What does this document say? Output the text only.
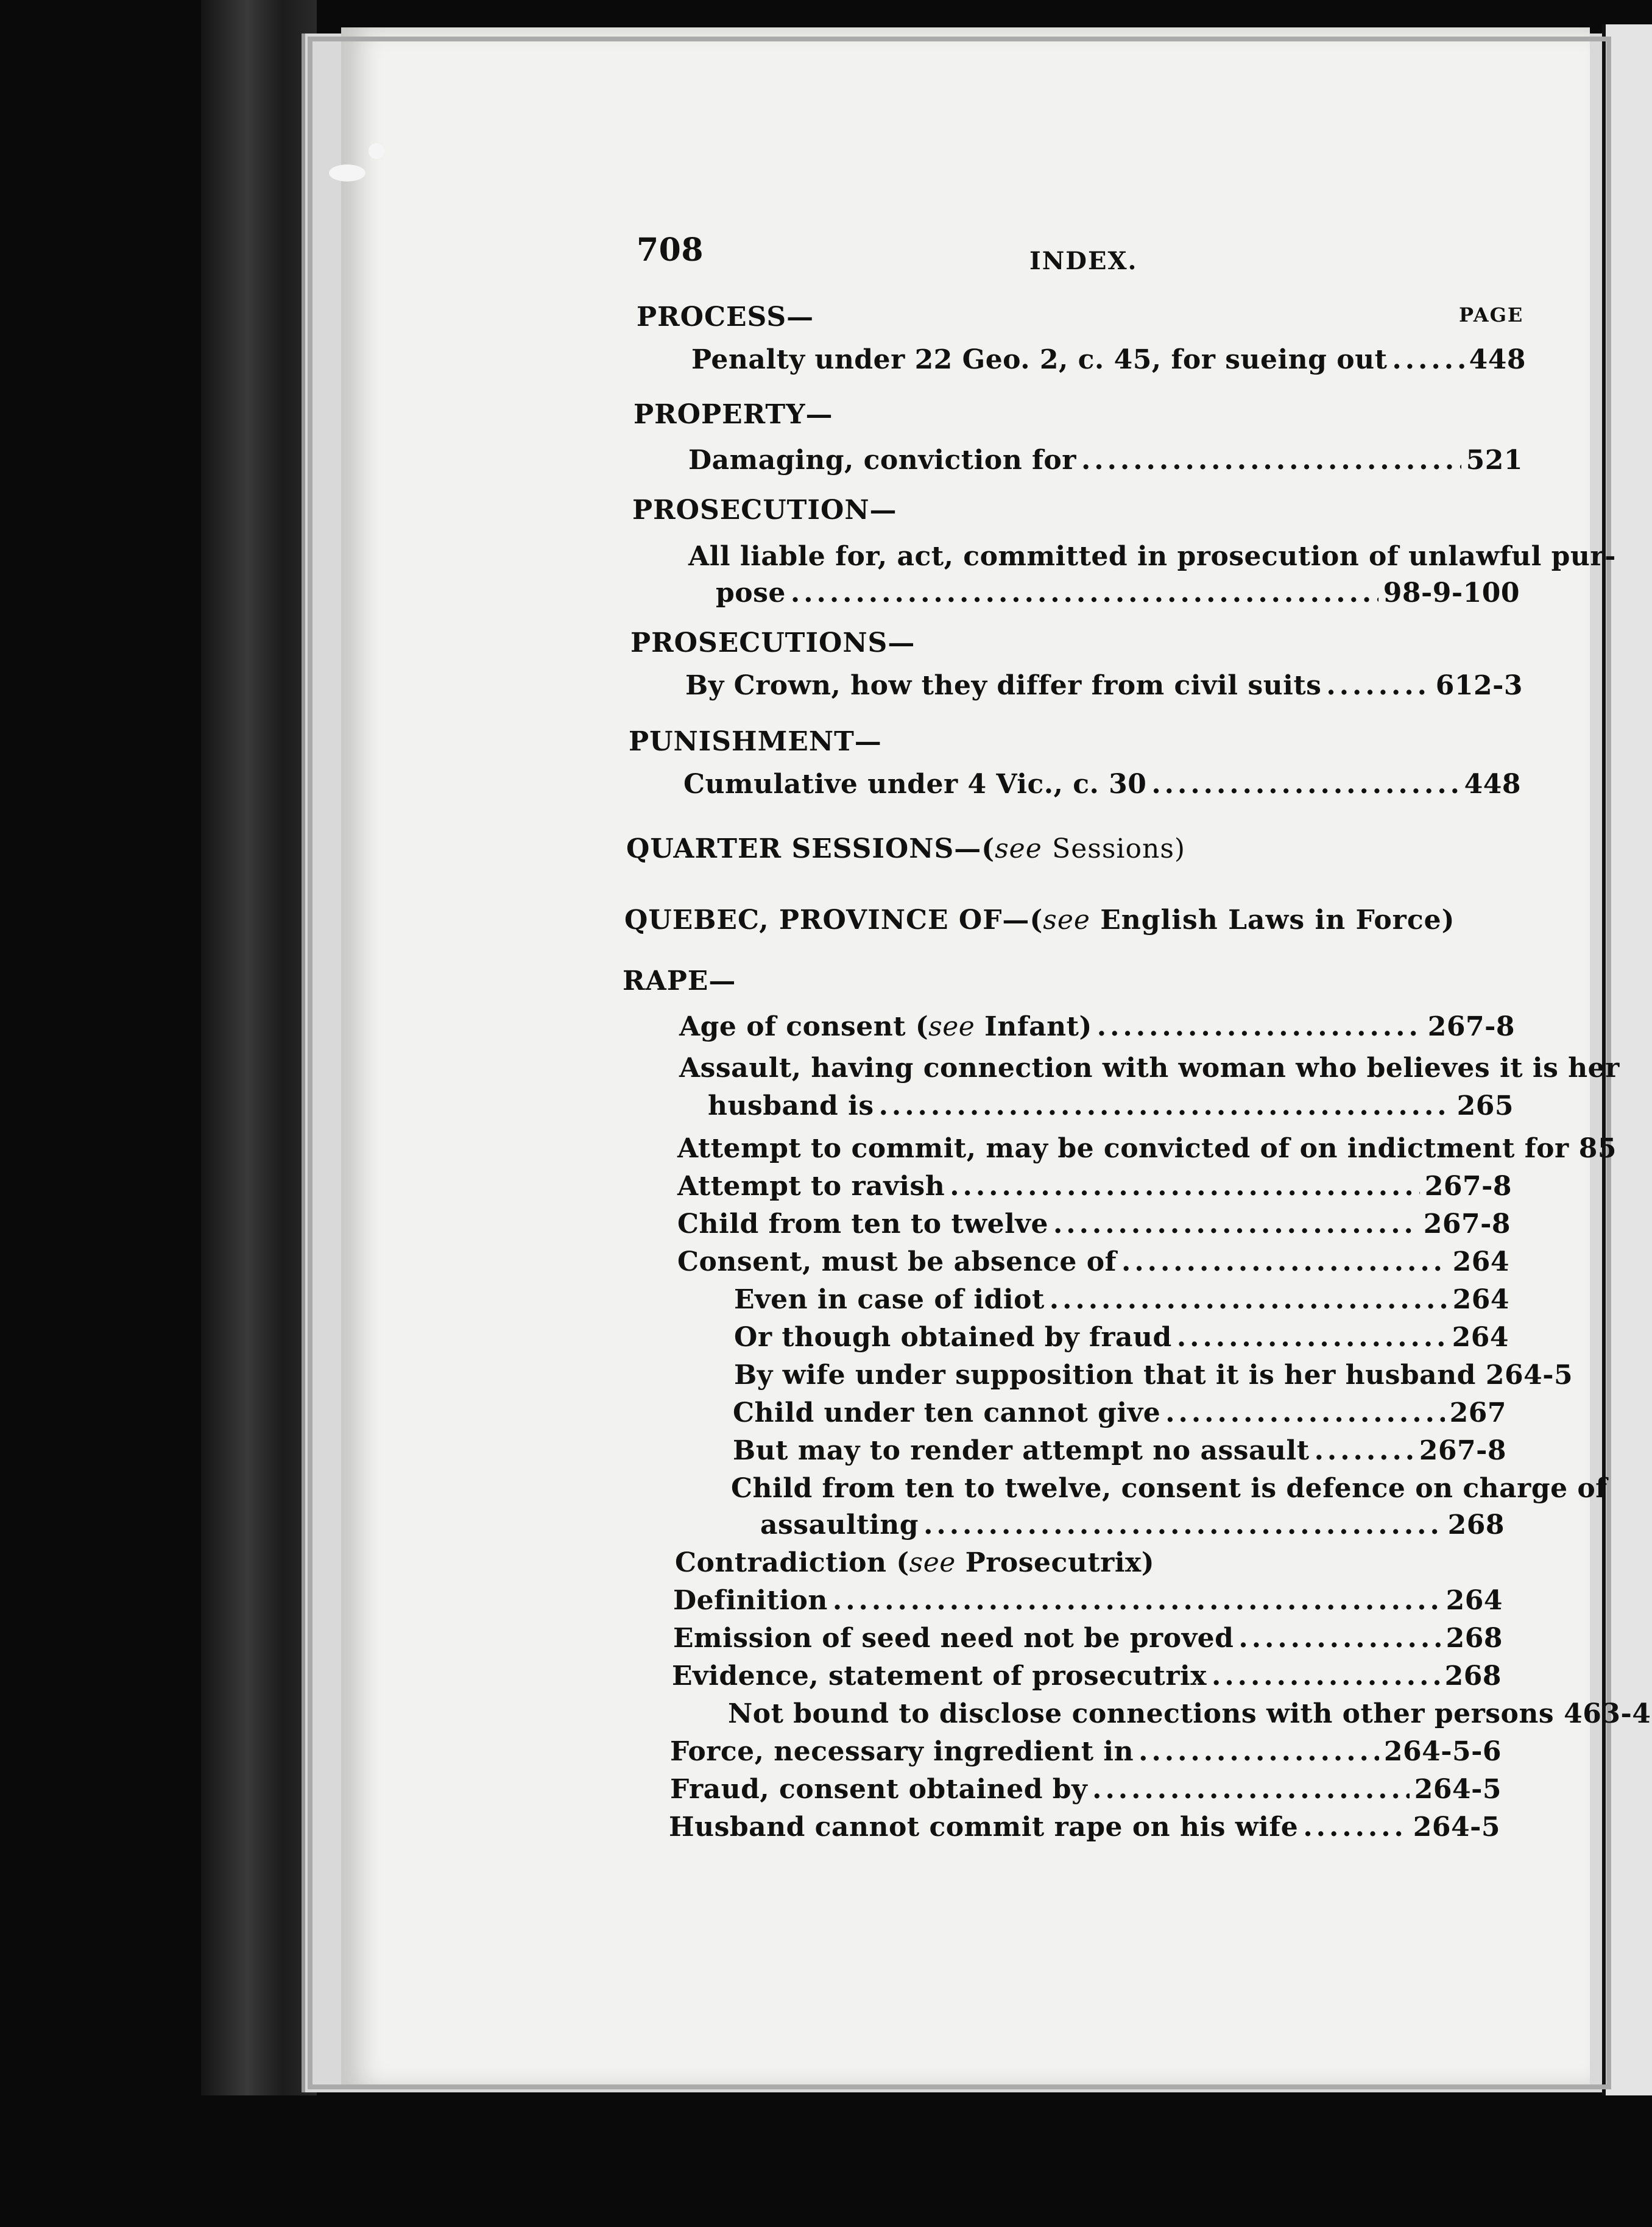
708	INDEX.
PAGE
PROCESS—
Penalty under 22 Geo. 2, c. 45, for sueing out .....	448
PROPERTY—
Damaging, conviction for .....	521
PROSECUTION—
All liable for, act, committed in prosecution of unlawful pur-
pose .....	98-9-100
PROSECUTIONS—
By Crown, how they differ from civil suits .....	612-3
PUNISHMENT—
Cumulative under 4 Vic., c. 30 .....	448
QUARTER SESSIONS—(see Sessions)
QUEBEC, PROVINCE OF—(see English Laws in Force)
RAPE—
Age of consent (see Infant) .....	267-8
Assault, having connection with woman who believes it is her
husband is .....	265
Attempt to commit, may be convicted of on indictment for 85
Attempt to ravish .....	267-8
Child from ten to twelve .....	267-8
Consent, must be absence of .....	264
Even in case of idiot .....	264
Or though obtained by fraud .....	264
By wife under supposition that it is her husband 264-5
Child under ten cannot give .....	267
But may to render attempt no assault .....	267-8
Child from ten to twelve, consent is defence on charge of
assaulting .....	268
Contradiction (see Prosecutrix)
Definition .....	264
Emission of seed need not be proved .....	268
Evidence, statement of prosecutrix .....	268
Not bound to disclose connections with other persons 463-4
Force, necessary ingredient in .....	264-5-6
Fraud, consent obtained by .....	264-5
Husband cannot commit rape on his wife .....	264-5
